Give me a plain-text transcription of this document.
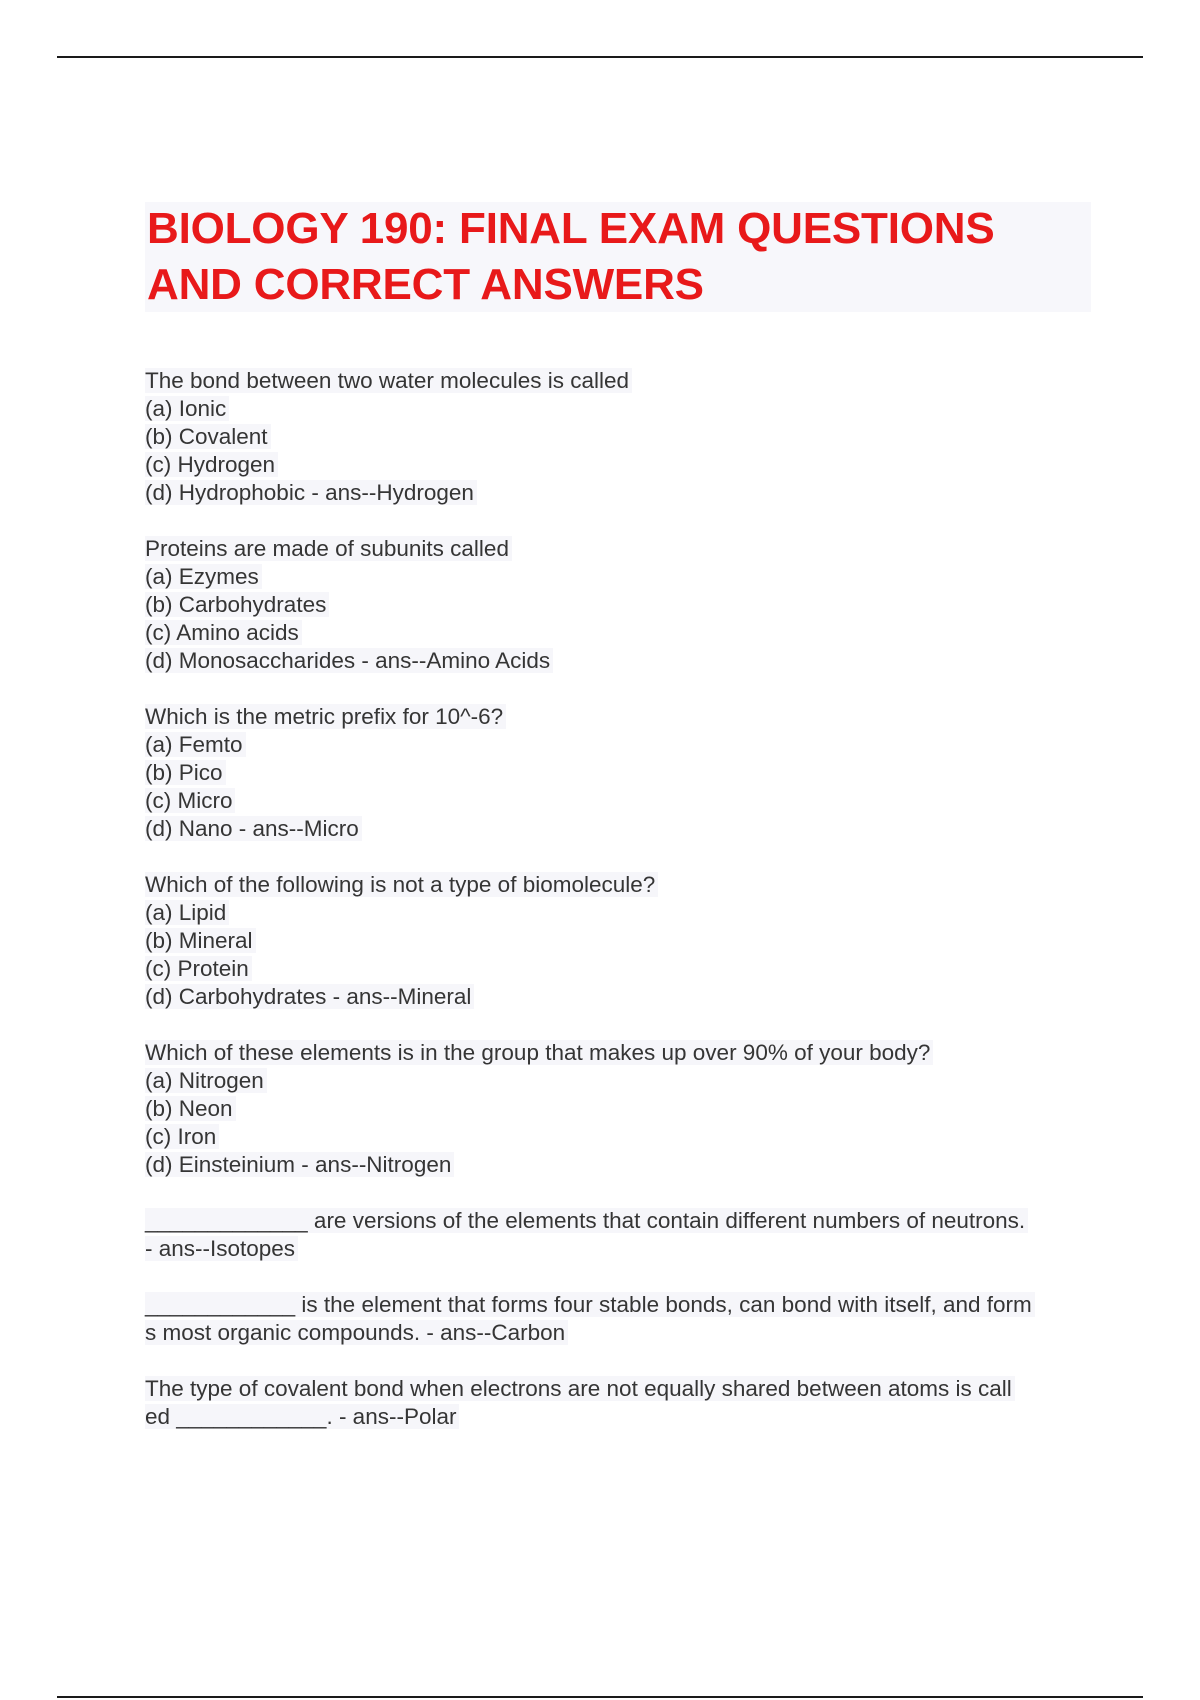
BIOLOGY 190: FINAL EXAM QUESTIONS
AND CORRECT ANSWERS
The bond between two water molecules is called
(a) Ionic
(b) Covalent
(c) Hydrogen
(d) Hydrophobic - ans--Hydrogen
Proteins are made of subunits called
(a) Ezymes
(b) Carbohydrates
(c) Amino acids
(d) Monosaccharides - ans--Amino Acids
Which is the metric prefix for 10^-6?
(a) Femto
(b) Pico
(c) Micro
(d) Nano - ans--Micro
Which of the following is not a type of biomolecule?
(a) Lipid
(b) Mineral
(c) Protein
(d) Carbohydrates - ans--Mineral
Which of these elements is in the group that makes up over 90% of your body?
(a) Nitrogen
(b) Neon
(c) Iron
(d) Einsteinium - ans--Nitrogen
_____________ are versions of the elements that contain different numbers of neutrons.
- ans--Isotopes
____________ is the element that forms four stable bonds, can bond with itself, and form
s most organic compounds. - ans--Carbon
The type of covalent bond when electrons are not equally shared between atoms is call
ed ____________. - ans--Polar
